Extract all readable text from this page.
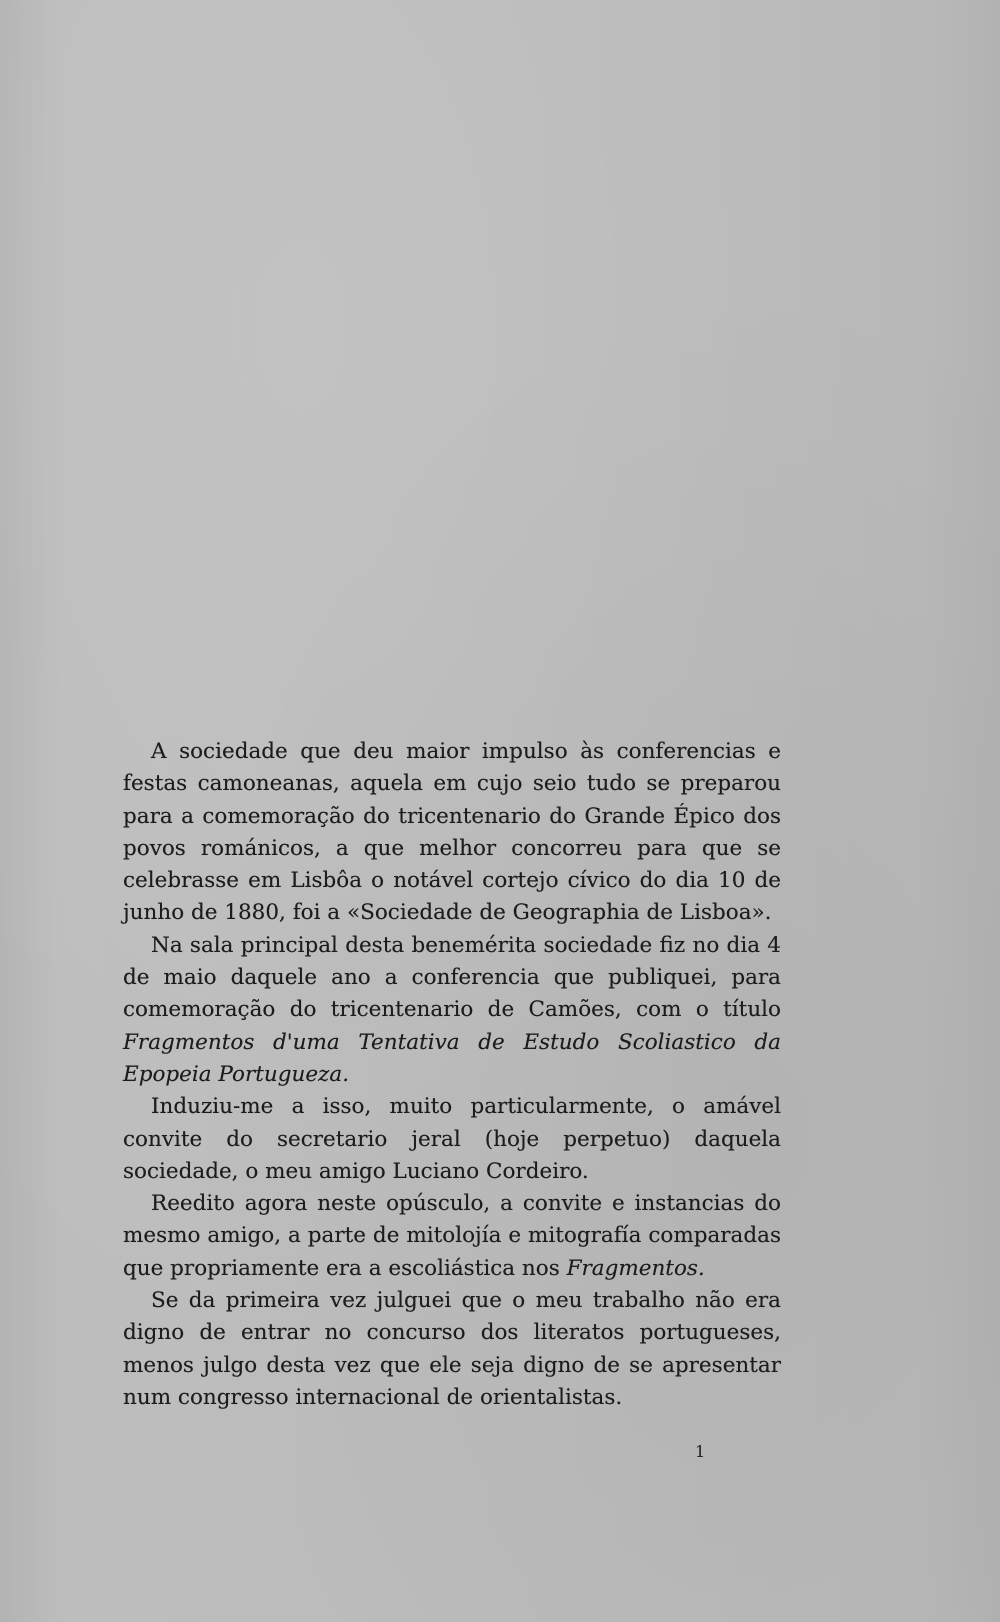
A sociedade que deu maior impulso às conferencias e festas camoneanas, aquela em cujo seio tudo se preparou para a comemoração do tricentenario do Grande Épico dos povos románicos, a que melhor concorreu para que se celebrasse em Lisbôa o notável cortejo cívico do dia 10 de junho de 1880, foi a «Sociedade de Geographia de Lisboa».

Na sala principal desta benemérita sociedade fiz no dia 4 de maio daquele ano a conferencia que publiquei, para comemoração do tricentenario de Camões, com o título Fragmentos d'uma Tentativa de Estudo Scoliastico da Epopeia Portugueza.

Induziu-me a isso, muito particularmente, o amável convite do secretario jeral (hoje perpetuo) daquela sociedade, o meu amigo Luciano Cordeiro.

Reedito agora neste opúsculo, a convite e instancias do mesmo amigo, a parte de mitolojía e mitografía comparadas que propriamente era a escoliástica nos Fragmentos.

Se da primeira vez julguei que o meu trabalho não era digno de entrar no concurso dos literatos portugueses, menos julgo desta vez que ele seja digno de se apresentar num congresso internacional de orientalistas.

1
